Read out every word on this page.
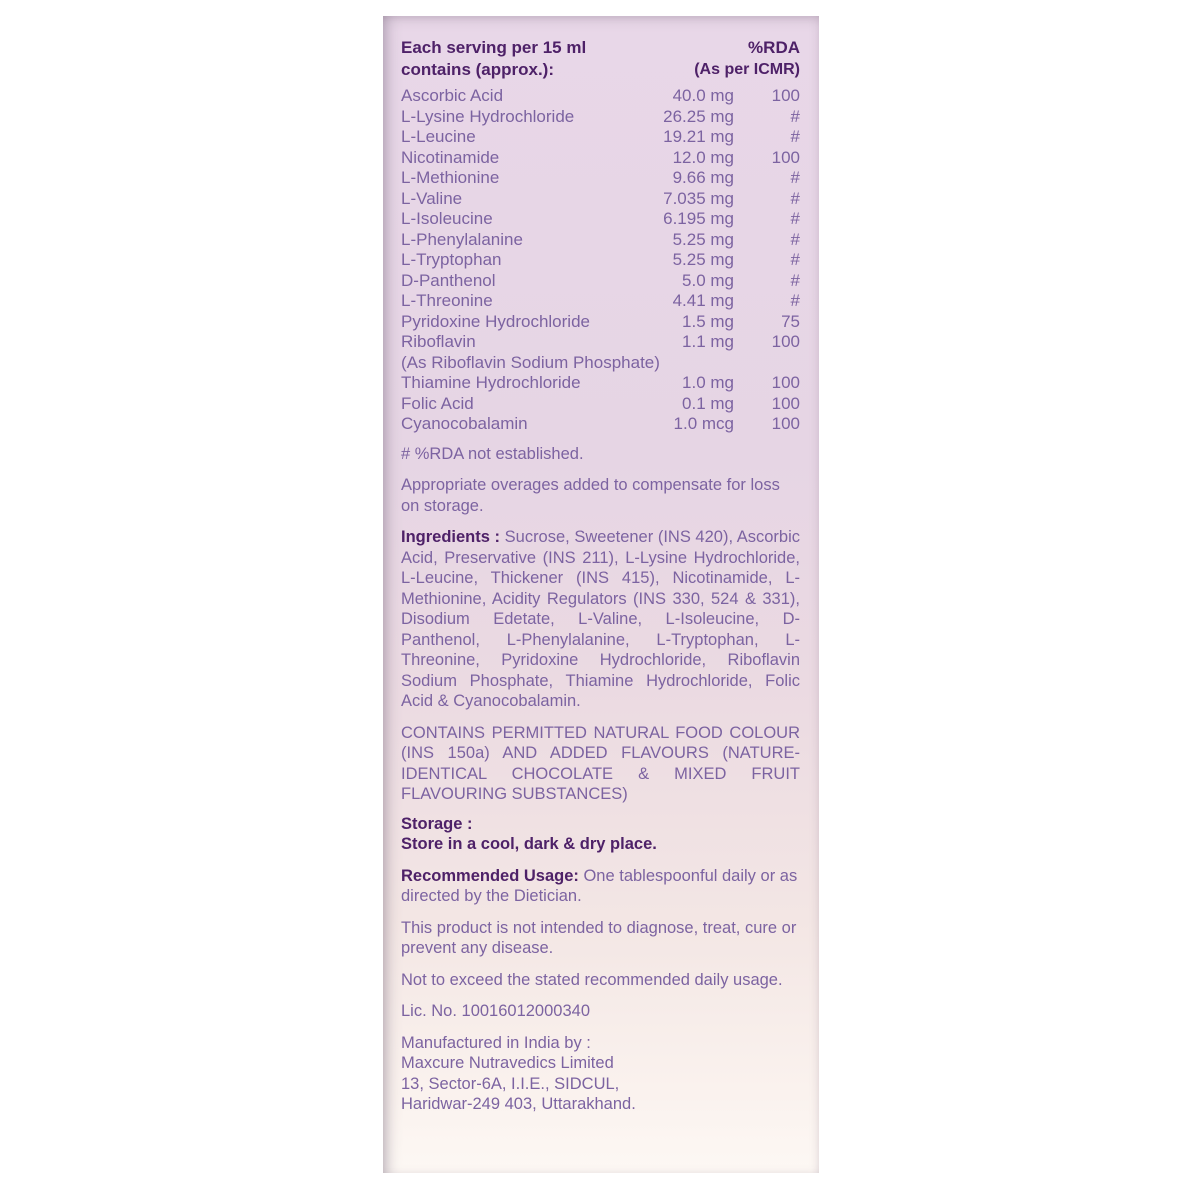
Each serving per 15 ml
contains (approx.):
%RDA
(As per ICMR)
Ascorbic Acid	40.0 mg	100
L-Lysine Hydrochloride	26.25 mg	#
L-Leucine	19.21 mg	#
Nicotinamide	12.0 mg	100
L-Methionine	9.66 mg	#
L-Valine	7.035 mg	#
L-Isoleucine	6.195 mg	#
L-Phenylalanine	5.25 mg	#
L-Tryptophan	5.25 mg	#
D-Panthenol	5.0 mg	#
L-Threonine	4.41 mg	#
Pyridoxine Hydrochloride	1.5 mg	75
Riboflavin	1.1 mg	100
(As Riboflavin Sodium Phosphate)
Thiamine Hydrochloride	1.0 mg	100
Folic Acid	0.1 mg	100
Cyanocobalamin	1.0 mcg	100
# %RDA not established.
Appropriate overages added to compensate for loss on storage.
Ingredients : Sucrose, Sweetener (INS 420), Ascorbic Acid, Preservative (INS 211), L-Lysine Hydrochloride, L-Leucine, Thickener (INS 415), Nicotinamide, L-Methionine, Acidity Regulators (INS 330, 524 & 331), Disodium Edetate, L-Valine, L-Isoleucine, D-Panthenol, L-Phenylalanine, L-Tryptophan, L-Threonine, Pyridoxine Hydrochloride, Riboflavin Sodium Phosphate, Thiamine Hydrochloride, Folic Acid & Cyanocobalamin.
CONTAINS PERMITTED NATURAL FOOD COLOUR (INS 150a) AND ADDED FLAVOURS (NATURE-IDENTICAL CHOCOLATE & MIXED FRUIT FLAVOURING SUBSTANCES)
Storage :
Store in a cool, dark & dry place.
Recommended Usage: One tablespoonful daily or as directed by the Dietician.
This product is not intended to diagnose, treat, cure or prevent any disease.
Not to exceed the stated recommended daily usage.
Lic. No. 10016012000340
Manufactured in India by :
Maxcure Nutravedics Limited
13, Sector-6A, I.I.E., SIDCUL,
Haridwar-249 403, Uttarakhand.
